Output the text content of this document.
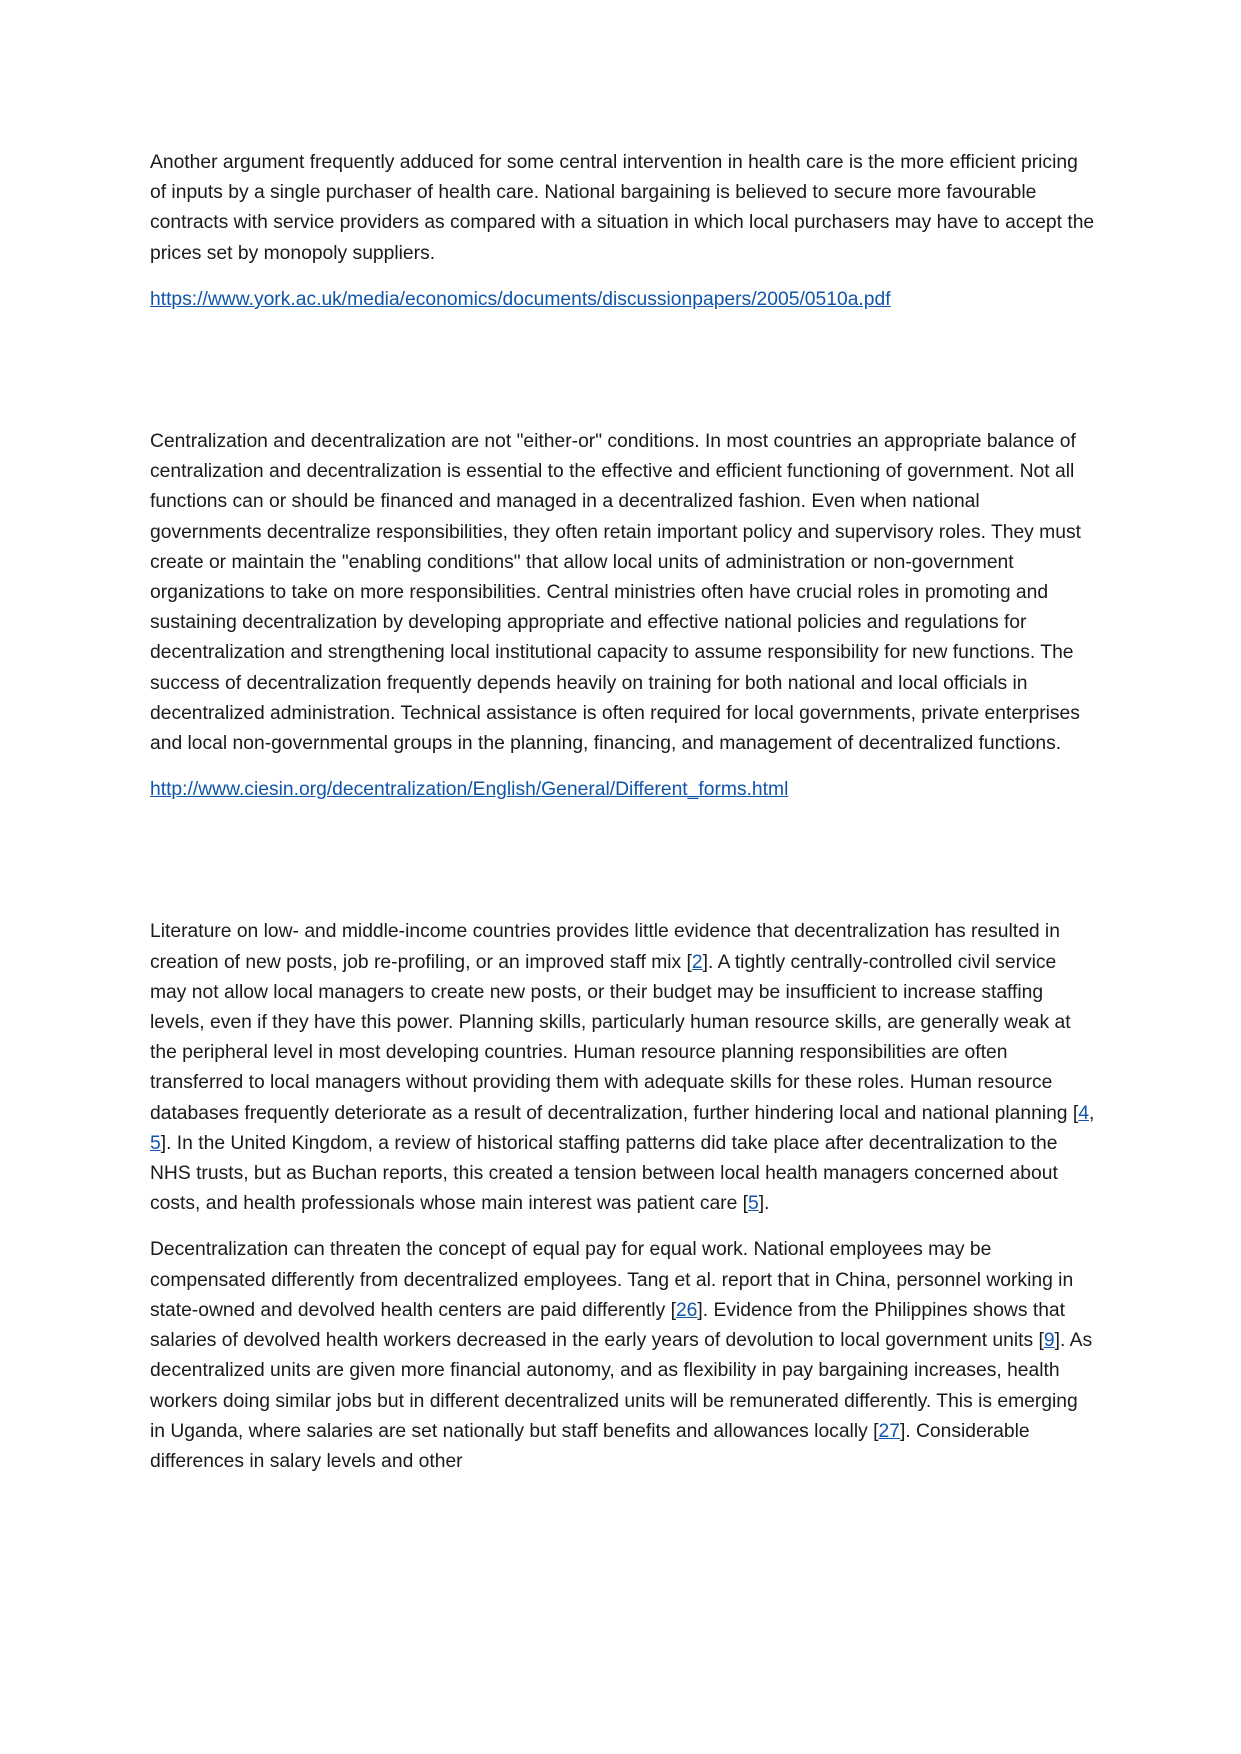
Another argument frequently adduced for some central intervention in health care is the more efficient pricing of inputs by a single purchaser of health care. National bargaining is believed to secure more favourable contracts with service providers as compared with a situation in which local purchasers may have to accept the prices set by monopoly suppliers.

https://www.york.ac.uk/media/economics/documents/discussionpapers/2005/0510a.pdf

Centralization and decentralization are not "either-or" conditions. In most countries an appropriate balance of centralization and decentralization is essential to the effective and efficient functioning of government. Not all functions can or should be financed and managed in a decentralized fashion. Even when national governments decentralize responsibilities, they often retain important policy and supervisory roles. They must create or maintain the "enabling conditions" that allow local units of administration or non-government organizations to take on more responsibilities. Central ministries often have crucial roles in promoting and sustaining decentralization by developing appropriate and effective national policies and regulations for decentralization and strengthening local institutional capacity to assume responsibility for new functions. The success of decentralization frequently depends heavily on training for both national and local officials in decentralized administration. Technical assistance is often required for local governments, private enterprises and local non-governmental groups in the planning, financing, and management of decentralized functions.

http://www.ciesin.org/decentralization/English/General/Different_forms.html

Literature on low- and middle-income countries provides little evidence that decentralization has resulted in creation of new posts, job re-profiling, or an improved staff mix [2]. A tightly centrally-controlled civil service may not allow local managers to create new posts, or their budget may be insufficient to increase staffing levels, even if they have this power. Planning skills, particularly human resource skills, are generally weak at the peripheral level in most developing countries. Human resource planning responsibilities are often transferred to local managers without providing them with adequate skills for these roles. Human resource databases frequently deteriorate as a result of decentralization, further hindering local and national planning [4, 5]. In the United Kingdom, a review of historical staffing patterns did take place after decentralization to the NHS trusts, but as Buchan reports, this created a tension between local health managers concerned about costs, and health professionals whose main interest was patient care [5].

Decentralization can threaten the concept of equal pay for equal work. National employees may be compensated differently from decentralized employees. Tang et al. report that in China, personnel working in state-owned and devolved health centers are paid differently [26]. Evidence from the Philippines shows that salaries of devolved health workers decreased in the early years of devolution to local government units [9]. As decentralized units are given more financial autonomy, and as flexibility in pay bargaining increases, health workers doing similar jobs but in different decentralized units will be remunerated differently. This is emerging in Uganda, where salaries are set nationally but staff benefits and allowances locally [27]. Considerable differences in salary levels and other
